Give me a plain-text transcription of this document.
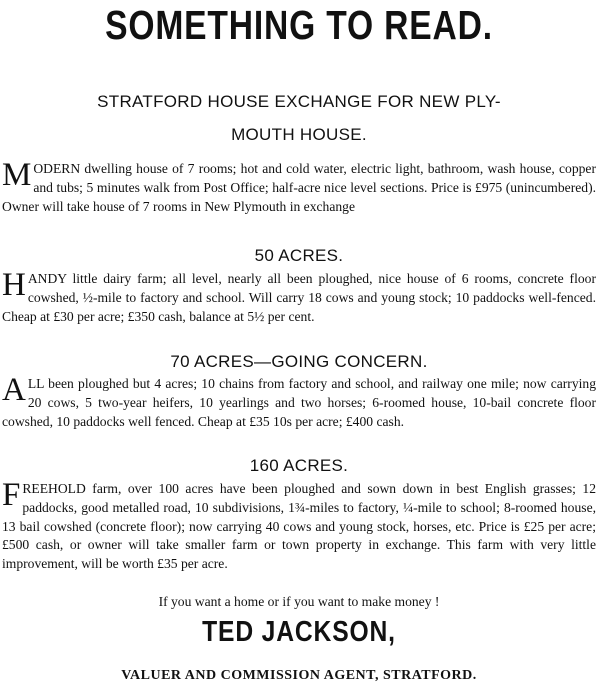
SOMETHING TO READ.
STRATFORD HOUSE EXCHANGE FOR NEW PLY-
MOUTH HOUSE.
M ODERN dwelling house of 7 rooms; hot and cold water, electric light, bathroom, wash house, copper and tubs; 5 minutes walk from Post Office; half-acre nice level sections. Price is £975 (unincumbered). Owner will take house of 7 rooms in New Plymouth in exchange
50 ACRES.
H ANDY little dairy farm; all level, nearly all been ploughed, nice house of 6 rooms, concrete floor cowshed, ½-mile to factory and school. Will carry 18 cows and young stock; 10 paddocks well-fenced. Cheap at £30 per acre; £350 cash, balance at 5½ per cent.
70 ACRES—GOING CONCERN.
A LL been ploughed but 4 acres; 10 chains from factory and school, and railway one mile; now carrying 20 cows, 5 two-year heifers, 10 yearlings and two horses; 6-roomed house, 10-bail concrete floor cowshed, 10 paddocks well fenced. Cheap at £35 10s per acre; £400 cash.
160 ACRES.
F REEHOLD farm, over 100 acres have been ploughed and sown down in best English grasses; 12 paddocks, good metalled road, 10 subdivisions, 1¾-miles to factory, ¼-mile to school; 8-roomed house, 13 bail cowshed (concrete floor); now carrying 40 cows and young stock, horses, etc. Price is £25 per acre; £500 cash, or owner will take smaller farm or town property in exchange. This farm with very little improvement, will be worth £35 per acre.
If you want a home or if you want to make money !
TED JACKSON,
VALUER AND COMMISSION AGENT, STRATFORD.
